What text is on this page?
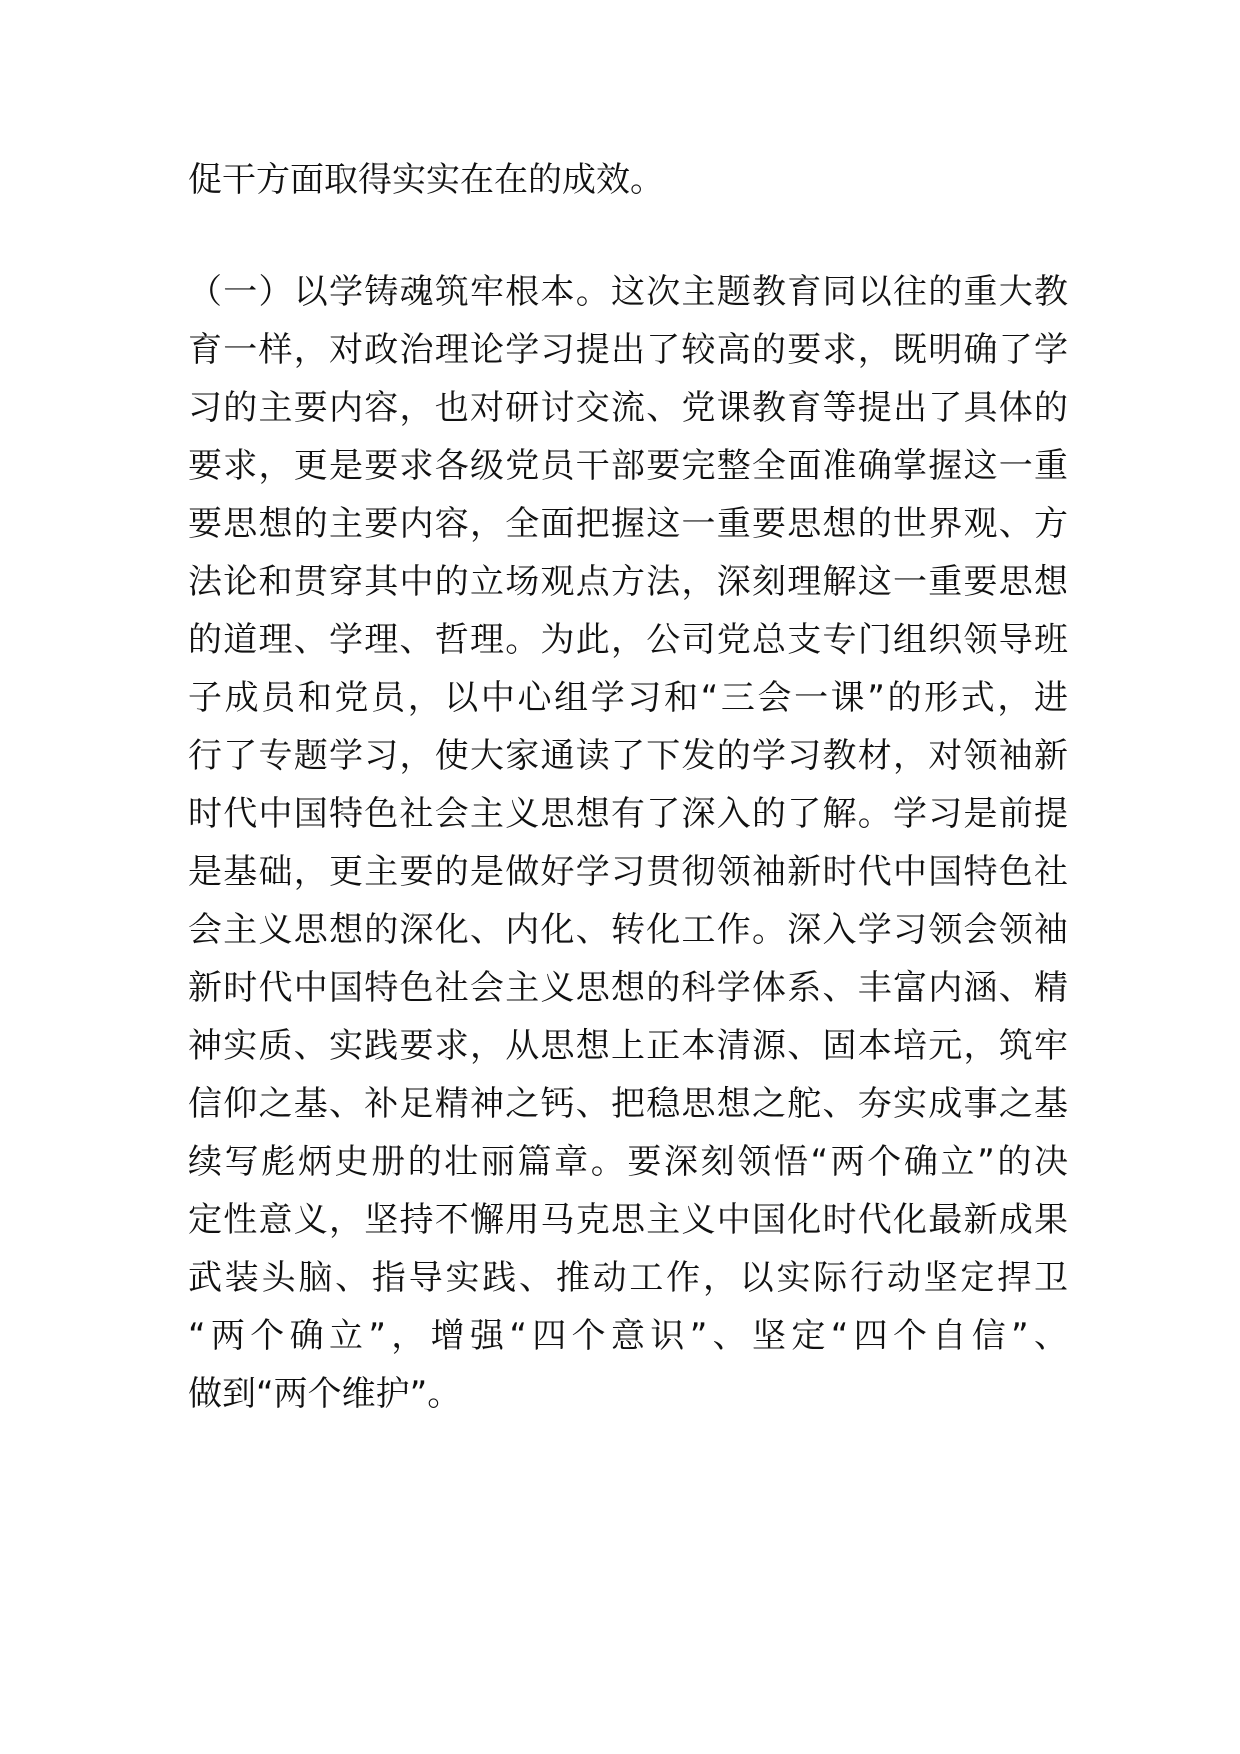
促干方面取得实实在在的成效。
（一）以学铸魂筑牢根本。这次主题教育同以往的重大教
育一样，对政治理论学习提出了较高的要求，既明确了学
习的主要内容，也对研讨交流、党课教育等提出了具体的
要求，更是要求各级党员干部要完整全面准确掌握这一重
要思想的主要内容，全面把握这一重要思想的世界观、方
法论和贯穿其中的立场观点方法，深刻理解这一重要思想
的道理、学理、哲理。为此，公司党总支专门组织领导班
子成员和党员，以中心组学习和“三会一课”的形式，进
行了专题学习，使大家通读了下发的学习教材，对领袖新
时代中国特色社会主义思想有了深入的了解。学习是前提
是基础，更主要的是做好学习贯彻领袖新时代中国特色社
会主义思想的深化、内化、转化工作。深入学习领会领袖
新时代中国特色社会主义思想的科学体系、丰富内涵、精
神实质、实践要求，从思想上正本清源、固本培元，筑牢
信仰之基、补足精神之钙、把稳思想之舵、夯实成事之基
续写彪炳史册的壮丽篇章。要深刻领悟“两个确立”的决
定性意义，坚持不懈用马克思主义中国化时代化最新成果
武装头脑、指导实践、推动工作，以实际行动坚定捍卫
“两个确立”，增强“四个意识”、坚定“四个自信”、
做到“两个维护”。
